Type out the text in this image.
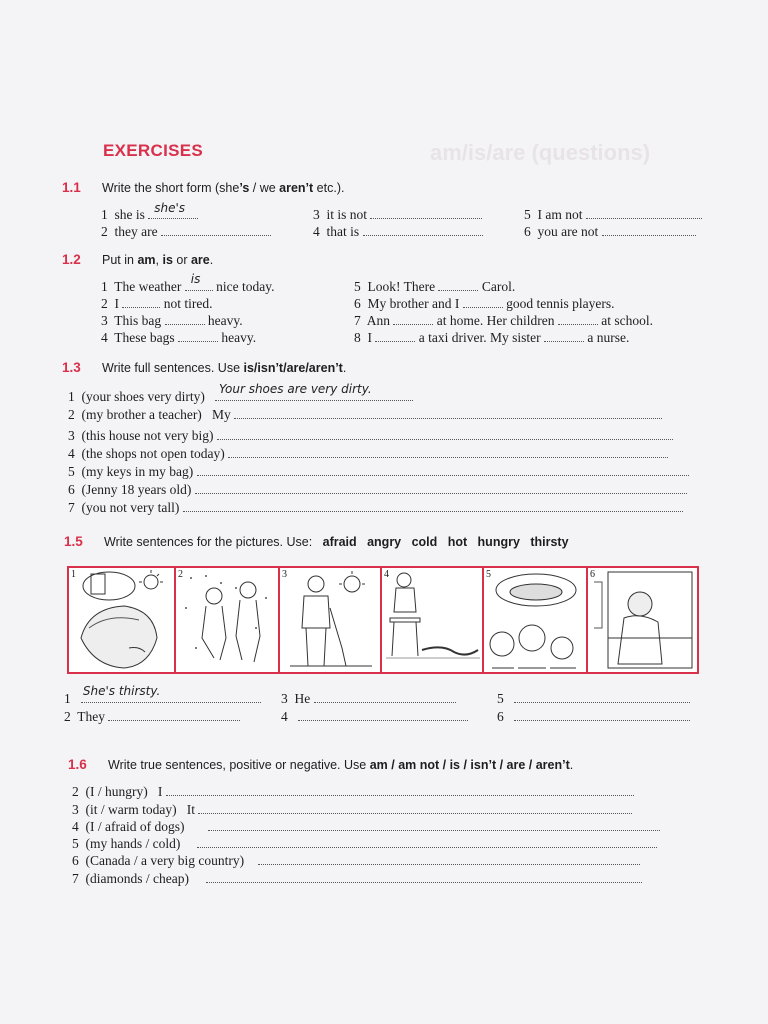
am/is/are (questions)
EXERCISES
1.1 Write the short form (she’s / we aren’t etc.).
1 she is she's
2 they are
3 it is not
4 that is
5 I am not
6 you are not
1.2 Put in am, is or are.
1 The weather is nice today.
2 I	not tired.
3 This bag	heavy.
4 These bags	heavy.
5 Look! There	Carol.
6 My brother and I	good tennis players.
7 Ann	at home. Her children	at school.
8 I	a taxi driver. My sister	a nurse.
1.3 Write full sentences. Use is/isn’t/are/aren’t.
1 (your shoes very dirty) Your shoes are very dirty.
2 (my brother a teacher) My
3 (this house not very big)
4 (the shops not open today)
5 (my keys in my bag)
6 (Jenny 18 years old)
7 (you not very tall)
1.5 Write sentences for the pictures. Use: afraid angry cold hot hungry thirsty
1	2	3	4	5	6
1 She's thirsty.
2 They
3 He
4
5
6
1.6 Write true sentences, positive or negative. Use am / am not / is / isn’t / are / aren’t.
2 (I / hungry) I
3 (it / warm today) It
4 (I / afraid of dogs)
5 (my hands / cold)
6 (Canada / a very big country)
7 (diamonds / cheap)
